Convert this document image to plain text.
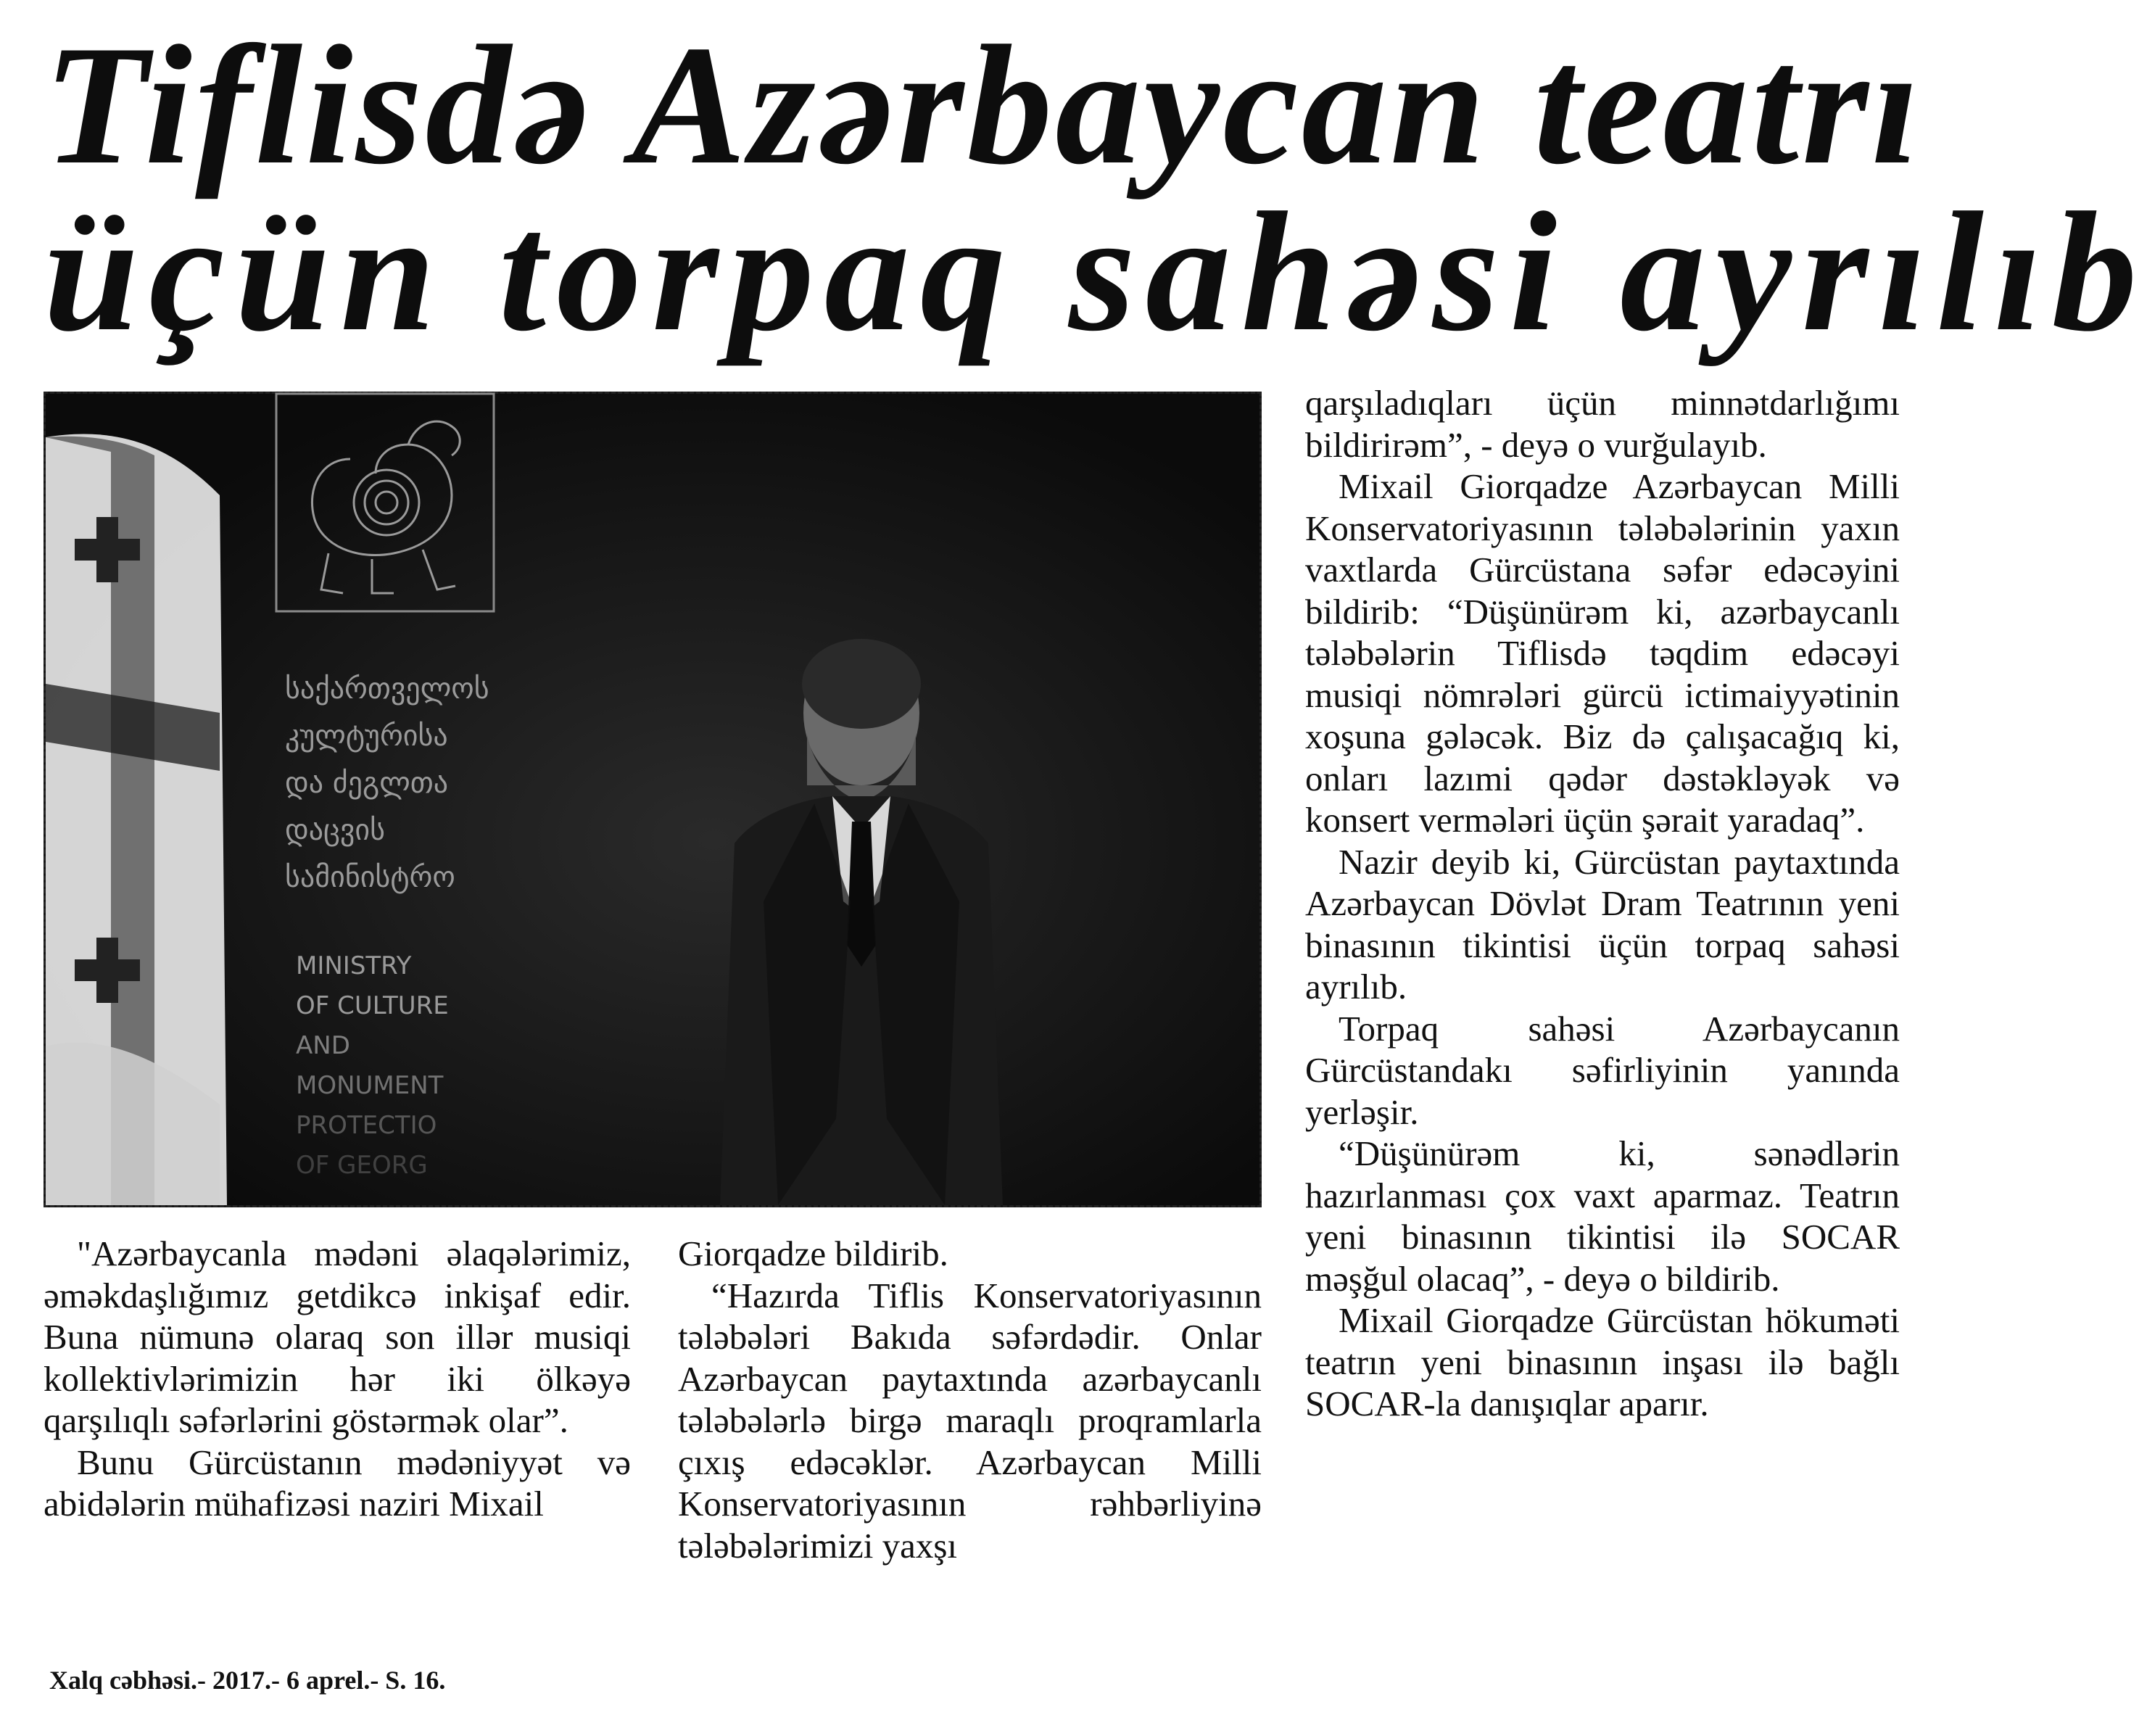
Tiflisdə Azərbaycan teatrı
üçün torpaq sahəsi ayrılıb
საქართველოს
კულტურისა
და ძეგლთა
დაცვის
სამინისტრო
MINISTRY
OF CULTURE
AND
MONUMENT
PROTECTIO
OF GEORG

"Azərbaycanla mədəni əlaqələrimiz, əməkdaşlığımız getdikcə inkişaf edir. Buna nümunə olaraq son illər musiqi kollektivlərimizin hər iki ölkəyə qarşılıqlı səfərlərini göstərmək olar”.

Bunu Gürcüstanın mədəniyyət və abidələrin mühafizəsi naziri Mixail

Giorqadze bildirib.

“Hazırda Tiflis Konservatoriyasının tələbələri Bakıda səfərdədir. Onlar Azərbaycan paytaxtında azərbaycanlı tələbələrlə birgə maraqlı proqramlarla çıxış edəcəklər. Azərbaycan Milli Konservatoriyasının rəhbərliyinə tələbələrimizi yaxşı

qarşıladıqları üçün minnətdarlığımı bildirirəm”, - deyə o vurğulayıb.

Mixail Giorqadze Azərbaycan Milli Konservatoriyasının tələbələrinin yaxın vaxtlarda Gürcüstana səfər edəcəyini bildirib: “Düşünürəm ki, azərbaycanlı tələbələrin Tiflisdə təqdim edəcəyi musiqi nömrələri gürcü ictimaiyyətinin xoşuna gələcək. Biz də çalışacağıq ki, onları lazımi qədər dəstəkləyək və konsert vermələri üçün şərait yaradaq”.

Nazir deyib ki, Gürcüstan paytaxtında Azərbaycan Dövlət Dram Teatrının yeni binasının tikintisi üçün torpaq sahəsi ayrılıb.

Torpaq sahəsi Azərbaycanın Gürcüstandakı səfirliyinin yanında yerləşir.

“Düşünürəm ki, sənədlərin hazırlanması çox vaxt aparmaz. Teatrın yeni binasının tikintisi ilə SOCAR məşğul olacaq”, - deyə o bildirib.

Mixail Giorqadze Gürcüstan hökuməti teatrın yeni binasının inşası ilə bağlı SOCAR-la danışıqlar aparır.

Xalq cəbhəsi.- 2017.- 6 aprel.- S. 16.
